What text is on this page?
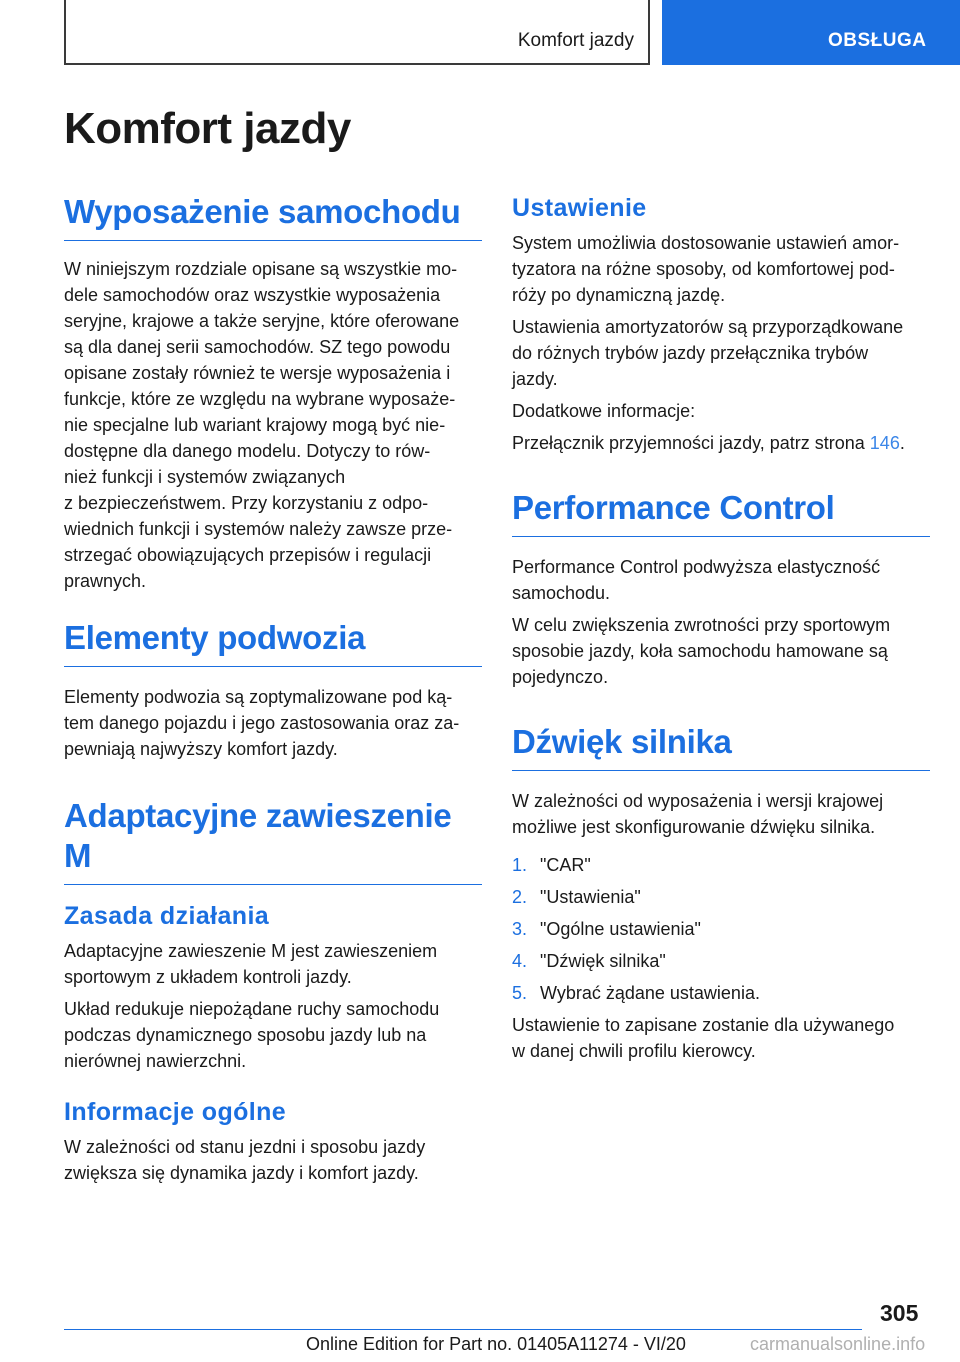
Komfort jazdy	OBSŁUGA
Komfort jazdy
Wyposażenie samochodu

W niniejszym rozdziale opisane są wszystkie mo‐
dele samochodów oraz wszystkie wyposażenia
seryjne, krajowe a także seryjne, które oferowane
są dla danej serii samochodów. SZ tego powodu
opisane zostały również te wersje wyposażenia i
funkcje, które ze względu na wybrane wyposaże‐
nie specjalne lub wariant krajowy mogą być nie‐
dostępne dla danego modelu. Dotyczy to rów‐
nież funkcji i systemów związanych
z bezpieczeństwem. Przy korzystaniu z odpo‐
wiednich funkcji i systemów należy zawsze prze‐
strzegać obowiązujących przepisów i regulacji
prawnych.

Elementy podwozia

Elementy podwozia są zoptymalizowane pod ką‐
tem danego pojazdu i jego zastosowania oraz za‐
pewniają najwyższy komfort jazdy.

Adaptacyjne zawieszenie
M
Zasada działania

Adaptacyjne zawieszenie M jest zawieszeniem
sportowym z układem kontroli jazdy.

Układ redukuje niepożądane ruchy samochodu
podczas dynamicznego sposobu jazdy lub na
nierównej nawierzchni.

Informacje ogólne

W zależności od stanu jezdni i sposobu jazdy
zwiększa się dynamika jazdy i komfort jazdy.

Ustawienie

System umożliwia dostosowanie ustawień amor‐
tyzatora na różne sposoby, od komfortowej pod‐
róży po dynamiczną jazdę.

Ustawienia amortyzatorów są przyporządkowane
do różnych trybów jazdy przełącznika trybów
jazdy.

Dodatkowe informacje:

Przełącznik przyjemności jazdy, patrz strona 146.

Performance Control

Performance Control podwyższa elastyczność
samochodu.

W celu zwiększenia zwrotności przy sportowym
sposobie jazdy, koła samochodu hamowane są
pojedynczo.

Dźwięk silnika

W zależności od wyposażenia i wersji krajowej
możliwe jest skonfigurowanie dźwięku silnika.

1. "CAR"
2. "Ustawienia"
3. "Ogólne ustawienia"
4. "Dźwięk silnika"
5. Wybrać żądane ustawienia.

Ustawienie to zapisane zostanie dla używanego
w danej chwili profilu kierowcy.

305
Online Edition for Part no. 01405A11274 - VI/20	carmanualsonline.info
